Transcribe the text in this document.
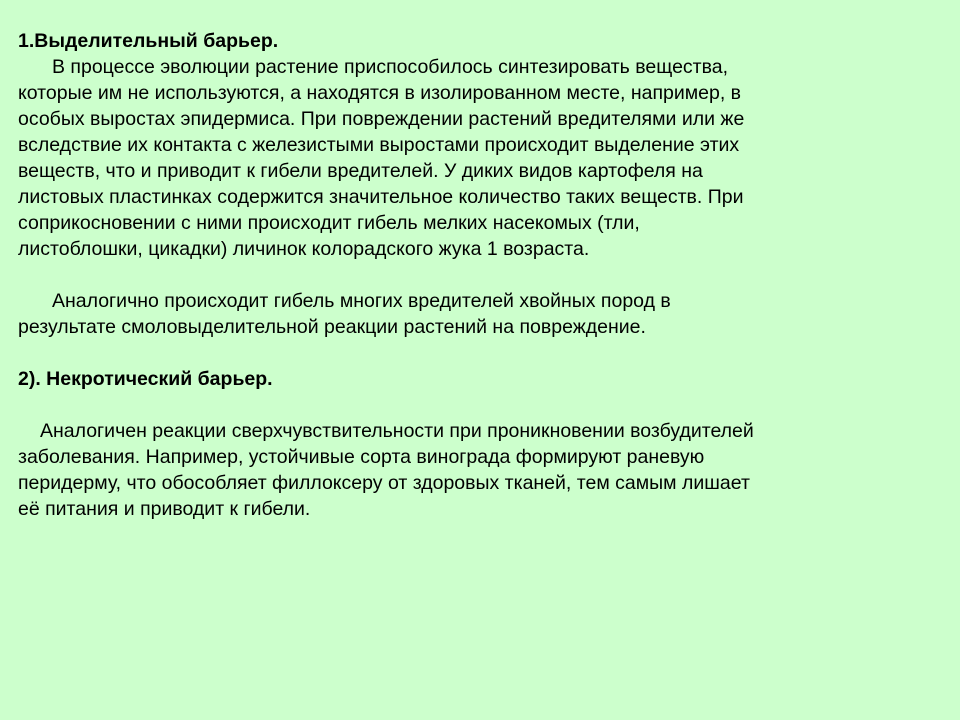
1.Выделительный барьер.

В процессе эволюции растение приспособилось синтезировать вещества,
которые им не используются, а находятся в изолированном месте, например, в
особых выростах эпидермиса. При повреждении растений вредителями или же
вследствие их контакта с железистыми выростами происходит выделение этих
веществ, что и приводит к гибели вредителей. У диких видов картофеля на
листовых пластинках содержится значительное количество таких веществ. При
соприкосновении с ними происходит гибель мелких насекомых (тли,
листоблошки, цикадки) личинок колорадского жука 1 возраста.

Аналогично происходит гибель многих вредителей хвойных пород в
результате смоловыделительной реакции растений на повреждение.

2). Некротический барьер.

Аналогичен реакции сверхчувствительности при проникновении возбудителей
заболевания. Например, устойчивые сорта винограда формируют раневую
перидерму, что обособляет филлоксеру от здоровых тканей, тем самым лишает
её питания и приводит к гибели.
